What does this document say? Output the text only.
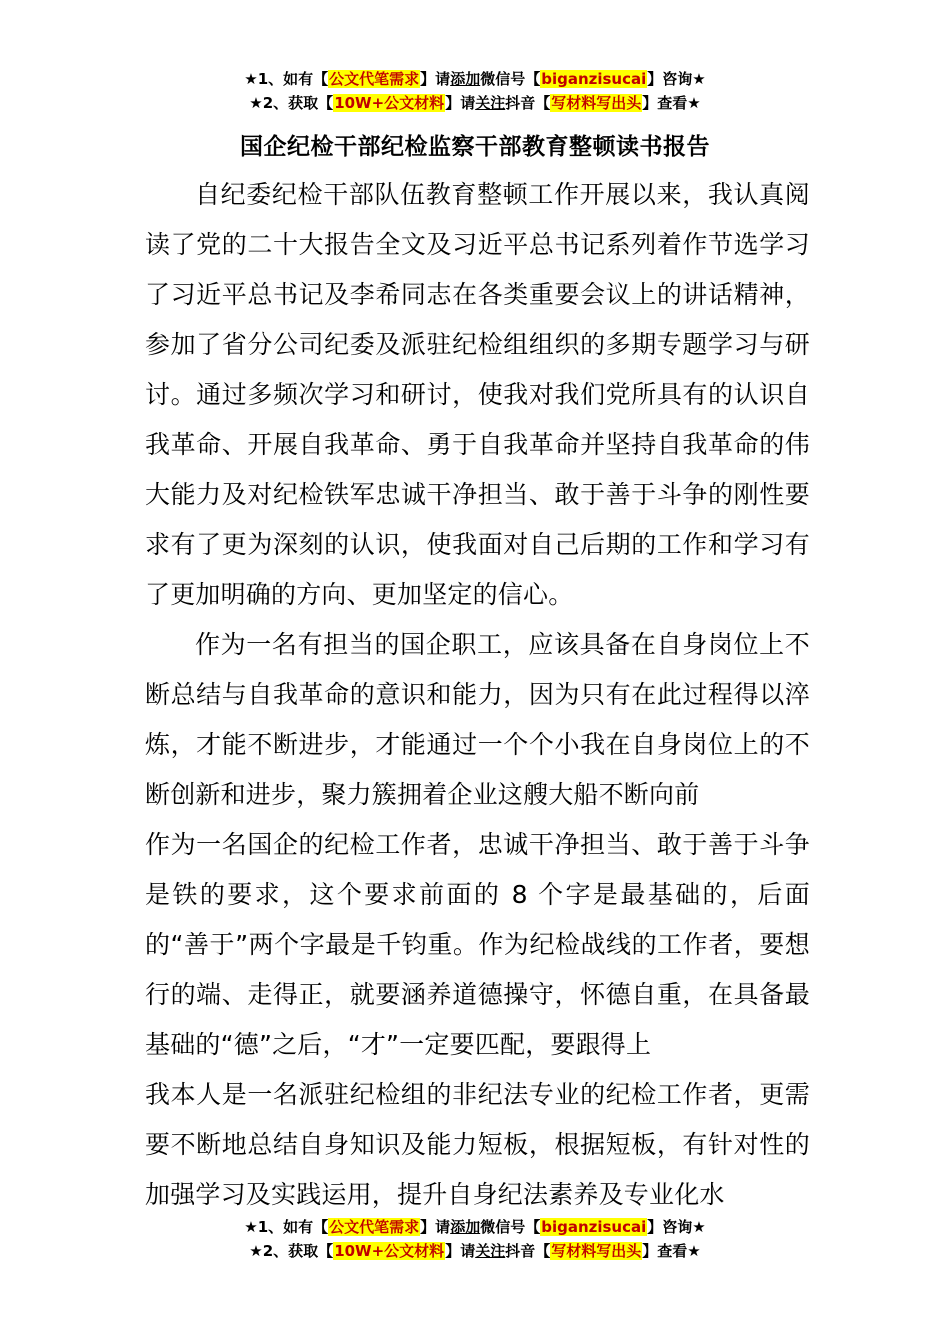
★1、如有【公文代笔需求】请添加微信号【biganzisucai】咨询★
★2、获取【10W+公文材料】请关注抖音【写材料写出头】查看★
国企纪检干部纪检监察干部教育整顿读书报告

自纪委纪检干部队伍教育整顿工作开展以来，我认真阅读了党的二十大报告全文及习近平总书记系列着作节选学习了习近平总书记及李希同志在各类重要会议上的讲话精神，参加了省分公司纪委及派驻纪检组组织的多期专题学习与研讨。通过多频次学习和研讨，使我对我们党所具有的认识自我革命、开展自我革命、勇于自我革命并坚持自我革命的伟大能力及对纪检铁军忠诚干净担当、敢于善于斗争的刚性要求有了更为深刻的认识，使我面对自己后期的工作和学习有了更加明确的方向、更加坚定的信心。

作为一名有担当的国企职工，应该具备在自身岗位上不断总结与自我革命的意识和能力，因为只有在此过程得以淬炼，才能不断进步，才能通过一个个小我在自身岗位上的不断创新和进步，聚力簇拥着企业这艘大船不断向前

作为一名国企的纪检工作者，忠诚干净担当、敢于善于斗争是铁的要求，这个要求前面的 8 个字是最基础的，后面的“善于”两个字最是千钧重。作为纪检战线的工作者，要想行的端、走得正，就要涵养道德操守，怀德自重，在具备最基础的“德”之后，“才”一定要匹配，要跟得上

我本人是一名派驻纪检组的非纪法专业的纪检工作者，更需要不断地总结自身知识及能力短板，根据短板，有针对性的加强学习及实践运用，提升自身纪法素养及专业化水

★1、如有【公文代笔需求】请添加微信号【biganzisucai】咨询★
★2、获取【10W+公文材料】请关注抖音【写材料写出头】查看★
